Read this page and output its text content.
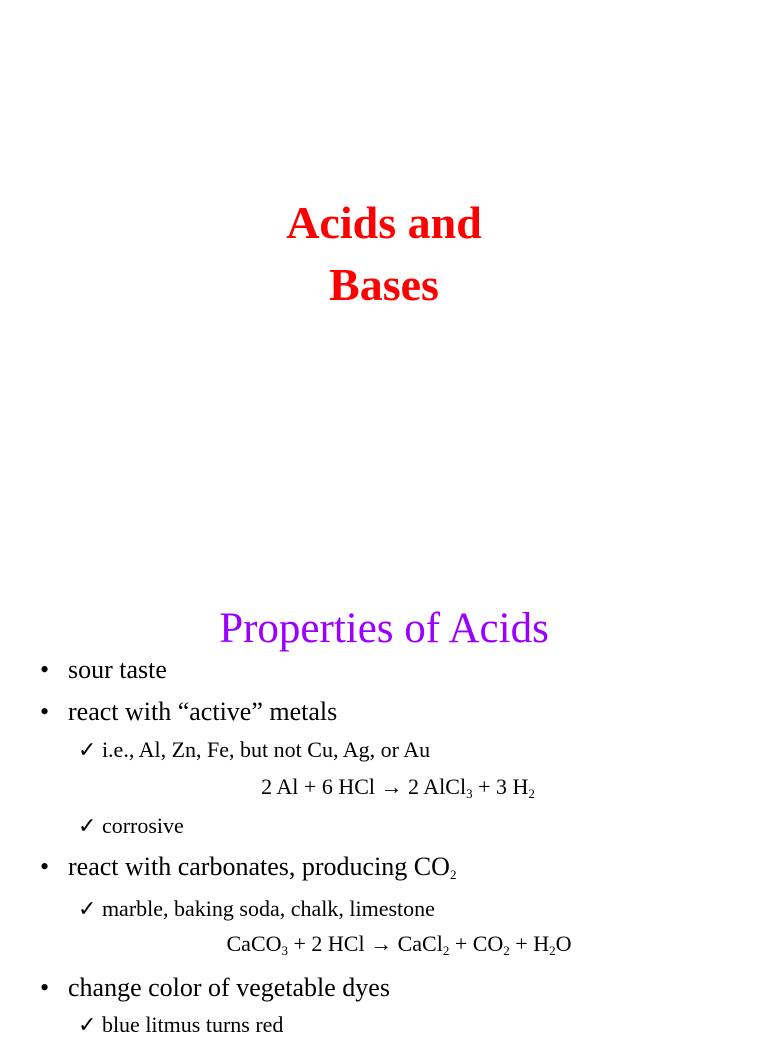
Acids and
Bases
Properties of Acids
• sour taste
• react with “active” metals
✓ i.e., Al, Zn, Fe, but not Cu, Ag, or Au
2 Al + 6 HCl → 2 AlCl$_3$ + 3 $H_2$
✓ corrosive
• react with carbonates, producing $CO_2$
✓ marble, baking soda, chalk, limestone
CaCO$_3$ + 2 HCl → CaCl$_2$ + $CO_2 + H_2O$
• change color of vegetable dyes
✓ blue litmus turns red
